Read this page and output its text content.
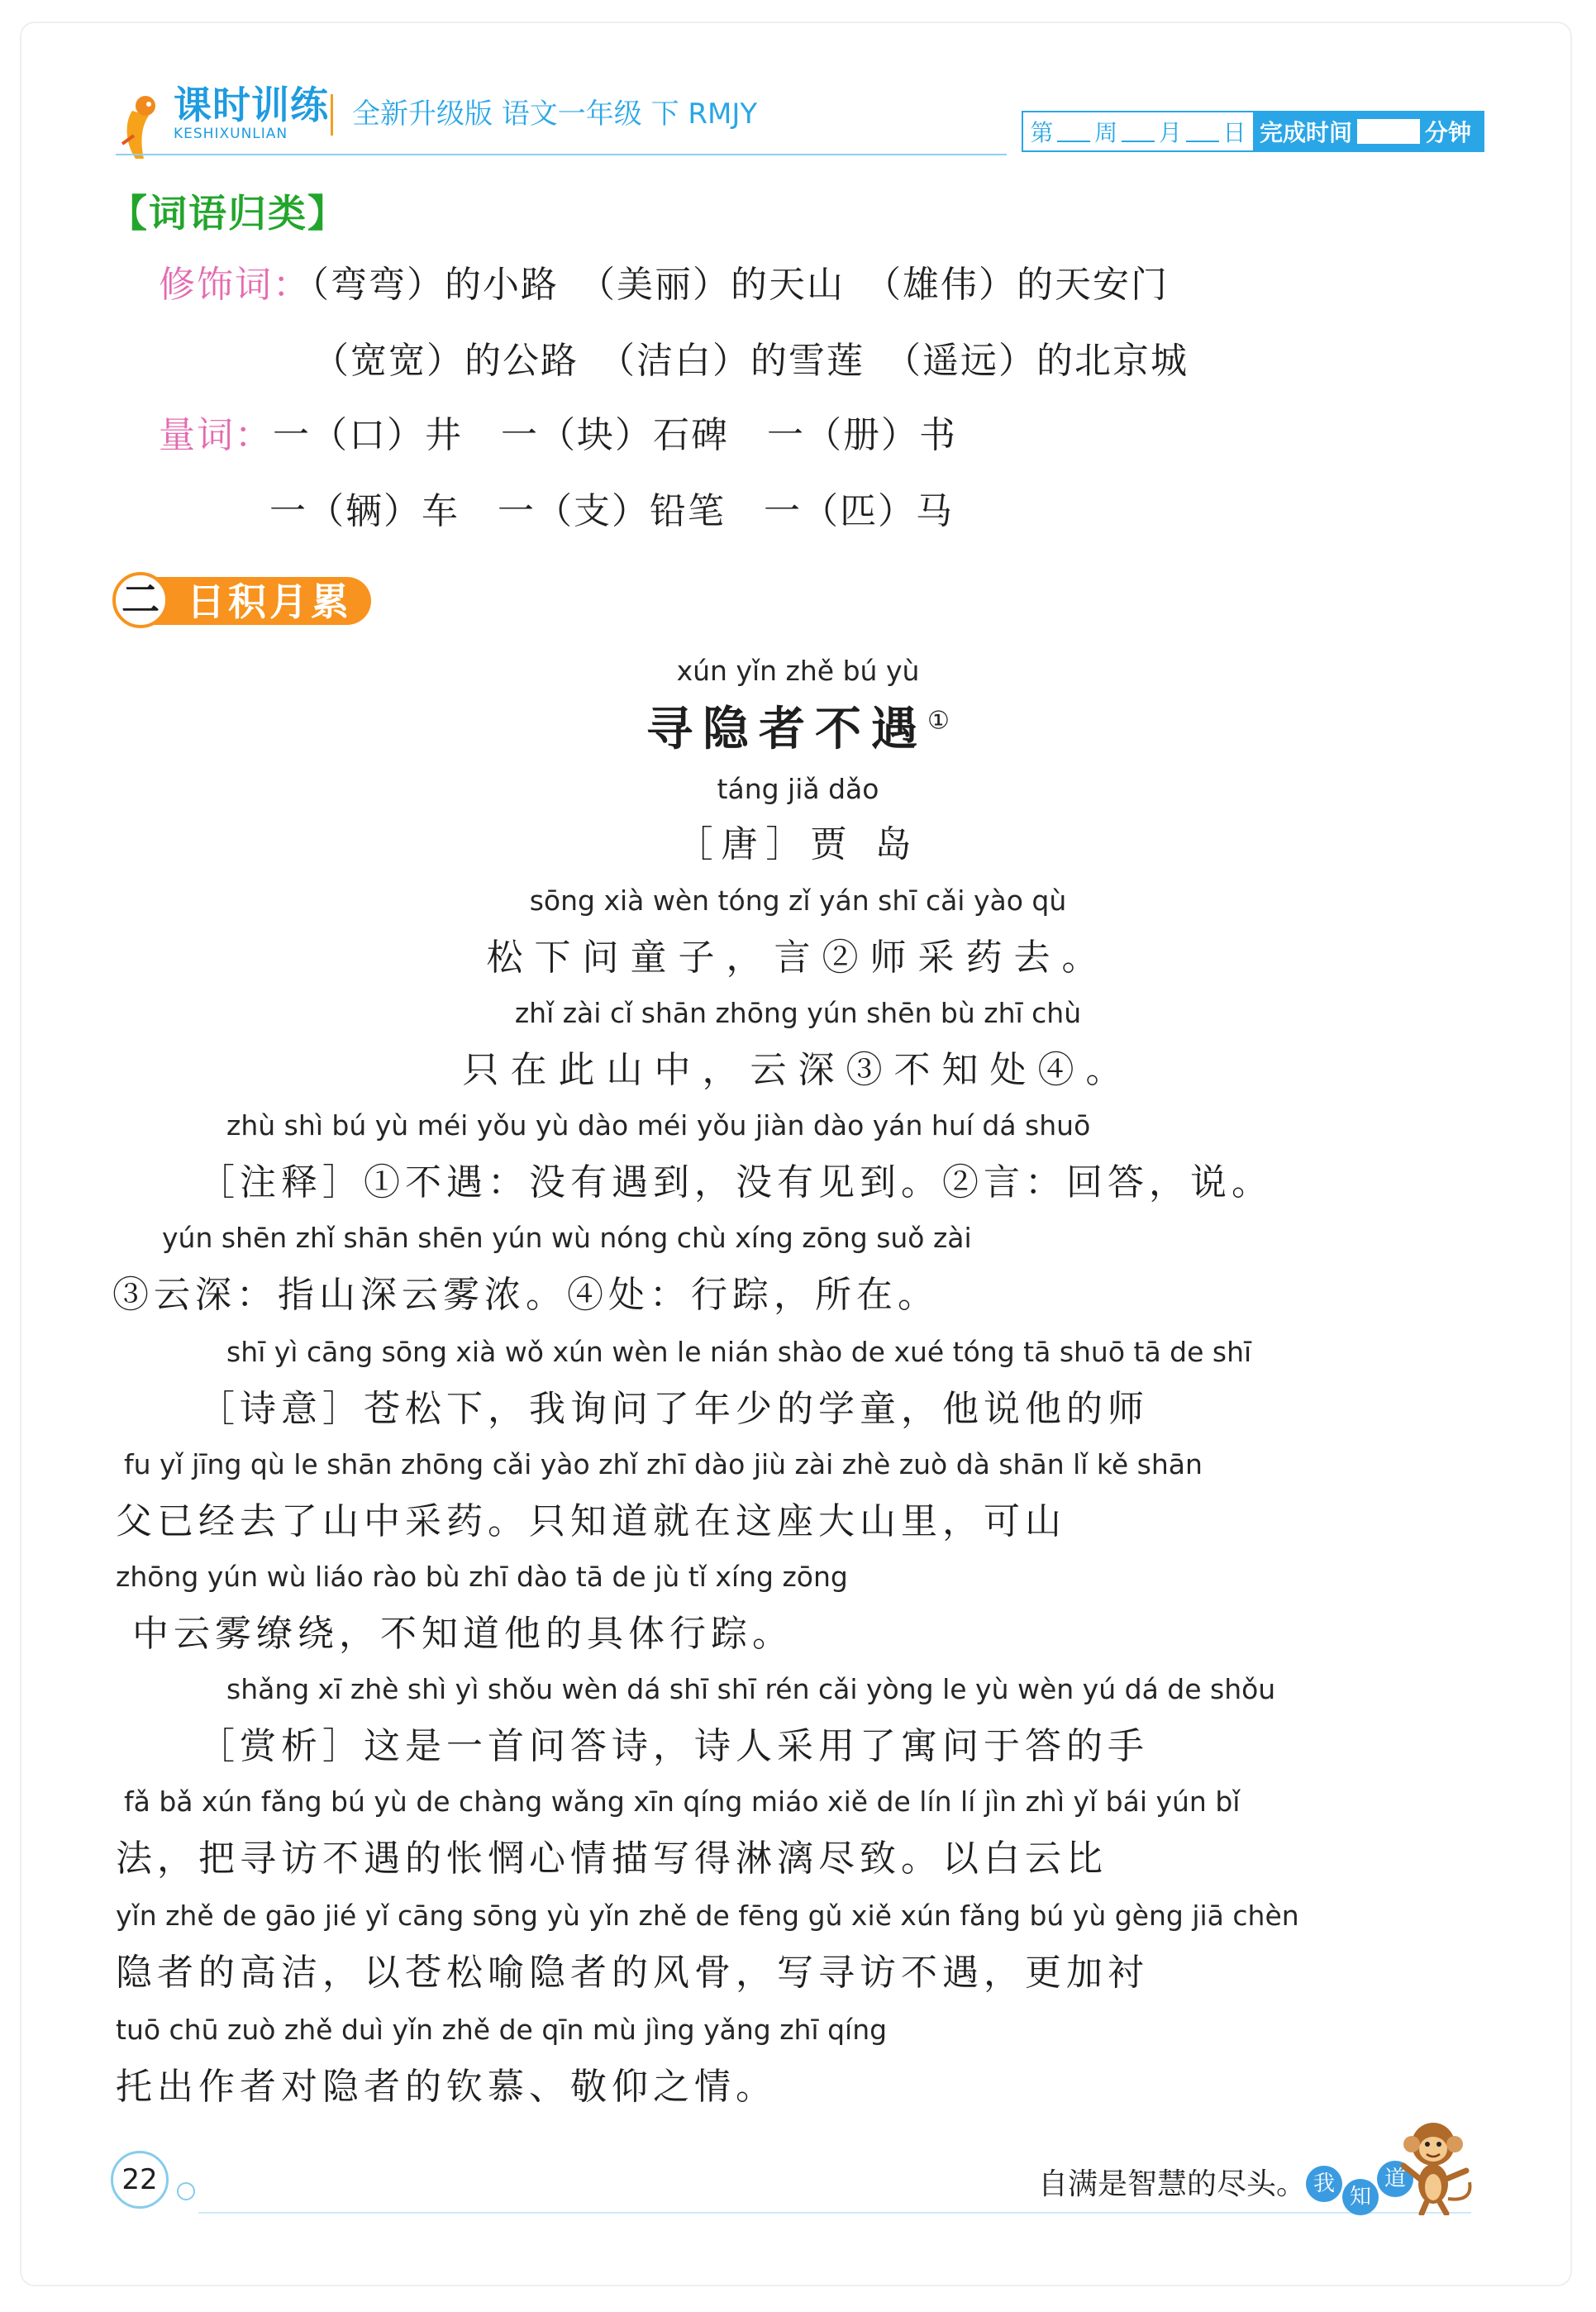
课时训练
KESHIXUNLIAN
全新升级版 语文一年级 下 RMJY
第 周 月 日 完成时间	分钟
【词语归类】
修饰词：（弯弯）的小路　（美丽）的天山　（雄伟）的天安门
（宽宽）的公路　（洁白）的雪莲　（遥远）的北京城
量词：一（口）井　一（块）石碑　一（册）书
一（辆）车　一（支）铅笔　一（匹）马
二 日积月累
xún yǐn zhě bú yù
寻隐者不遇①
táng jiǎ dǎo
［唐］贾 岛
sōng xià wèn tóng zǐ yán shī cǎi yào qù
松下问童子，言②师采药去。
zhǐ zài cǐ shān zhōng yún shēn bù zhī chù
只在此山中，云深③不知处④。
zhù shì bú yù méi yǒu yù dào méi yǒu jiàn dào yán huí dá shuō
［注释］①不遇：没有遇到，没有见到。②言：回答，说。
yún shēn zhǐ shān shēn yún wù nóng chù xíng zōng suǒ zài
③云深：指山深云雾浓。④处：行踪，所在。
shī yì cāng sōng xià wǒ xún wèn le nián shào de xué tóng tā shuō tā de shī
［诗意］苍松下，我询问了年少的学童，他说他的师
fu yǐ jīng qù le shān zhōng cǎi yào zhǐ zhī dào jiù zài zhè zuò dà shān lǐ kě shān
父已经去了山中采药。只知道就在这座大山里，可山
zhōng yún wù liáo rào bù zhī dào tā de jù tǐ xíng zōng
中云雾缭绕，不知道他的具体行踪。
shǎng xī zhè shì yì shǒu wèn dá shī shī rén cǎi yòng le yù wèn yú dá de shǒu
［赏析］这是一首问答诗，诗人采用了寓问于答的手
fǎ bǎ xún fǎng bú yù de chàng wǎng xīn qíng miáo xiě de lín lí jìn zhì yǐ bái yún bǐ
法，把寻访不遇的怅惘心情描写得淋漓尽致。以白云比
yǐn zhě de gāo jié yǐ cāng sōng yù yǐn zhě de fēng gǔ xiě xún fǎng bú yù gèng jiā chèn
隐者的高洁，以苍松喻隐者的风骨，写寻访不遇，更加衬
tuō chū zuò zhě duì yǐn zhě de qīn mù jìng yǎng zhī qíng
托出作者对隐者的钦慕、敬仰之情。
22	自满是智慧的尽头。 我
知
道
